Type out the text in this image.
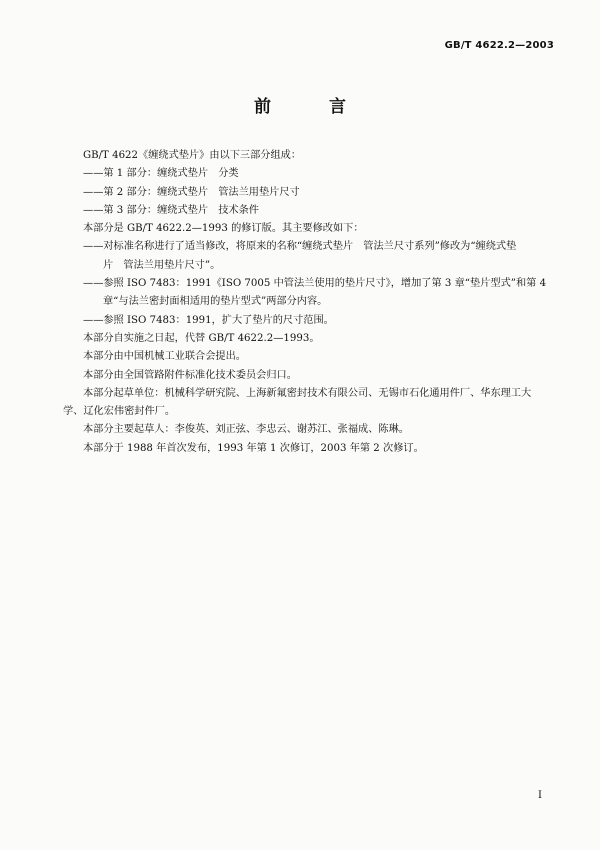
GB/T 4622.2—2003
前 言

GB/T 4622《缠绕式垫片》由以下三部分组成：

——第 1 部分：缠绕式垫片　分类

——第 2 部分：缠绕式垫片　管法兰用垫片尺寸

——第 3 部分：缠绕式垫片　技术条件

本部分是 GB/T 4622.2—1993 的修订版。其主要修改如下：

——对标准名称进行了适当修改，将原来的名称“缠绕式垫片　管法兰尺寸系列”修改为“缠绕式垫

片　管法兰用垫片尺寸”。

——参照 ISO 7483：1991《ISO 7005 中管法兰使用的垫片尺寸》，增加了第 3 章“垫片型式”和第 4

章“与法兰密封面相适用的垫片型式”两部分内容。

——参照 ISO 7483：1991，扩大了垫片的尺寸范围。

本部分自实施之日起，代替 GB/T 4622.2—1993。

本部分由中国机械工业联合会提出。

本部分由全国管路附件标准化技术委员会归口。

本部分起草单位：机械科学研究院、上海新氟密封技术有限公司、无锡市石化通用件厂、华东理工大

学、辽化宏伟密封件厂。

本部分主要起草人：李俊英、刘正弦、李忠云、谢苏江、张福成、陈琳。

本部分于 1988 年首次发布，1993 年第 1 次修订，2003 年第 2 次修订。

I
